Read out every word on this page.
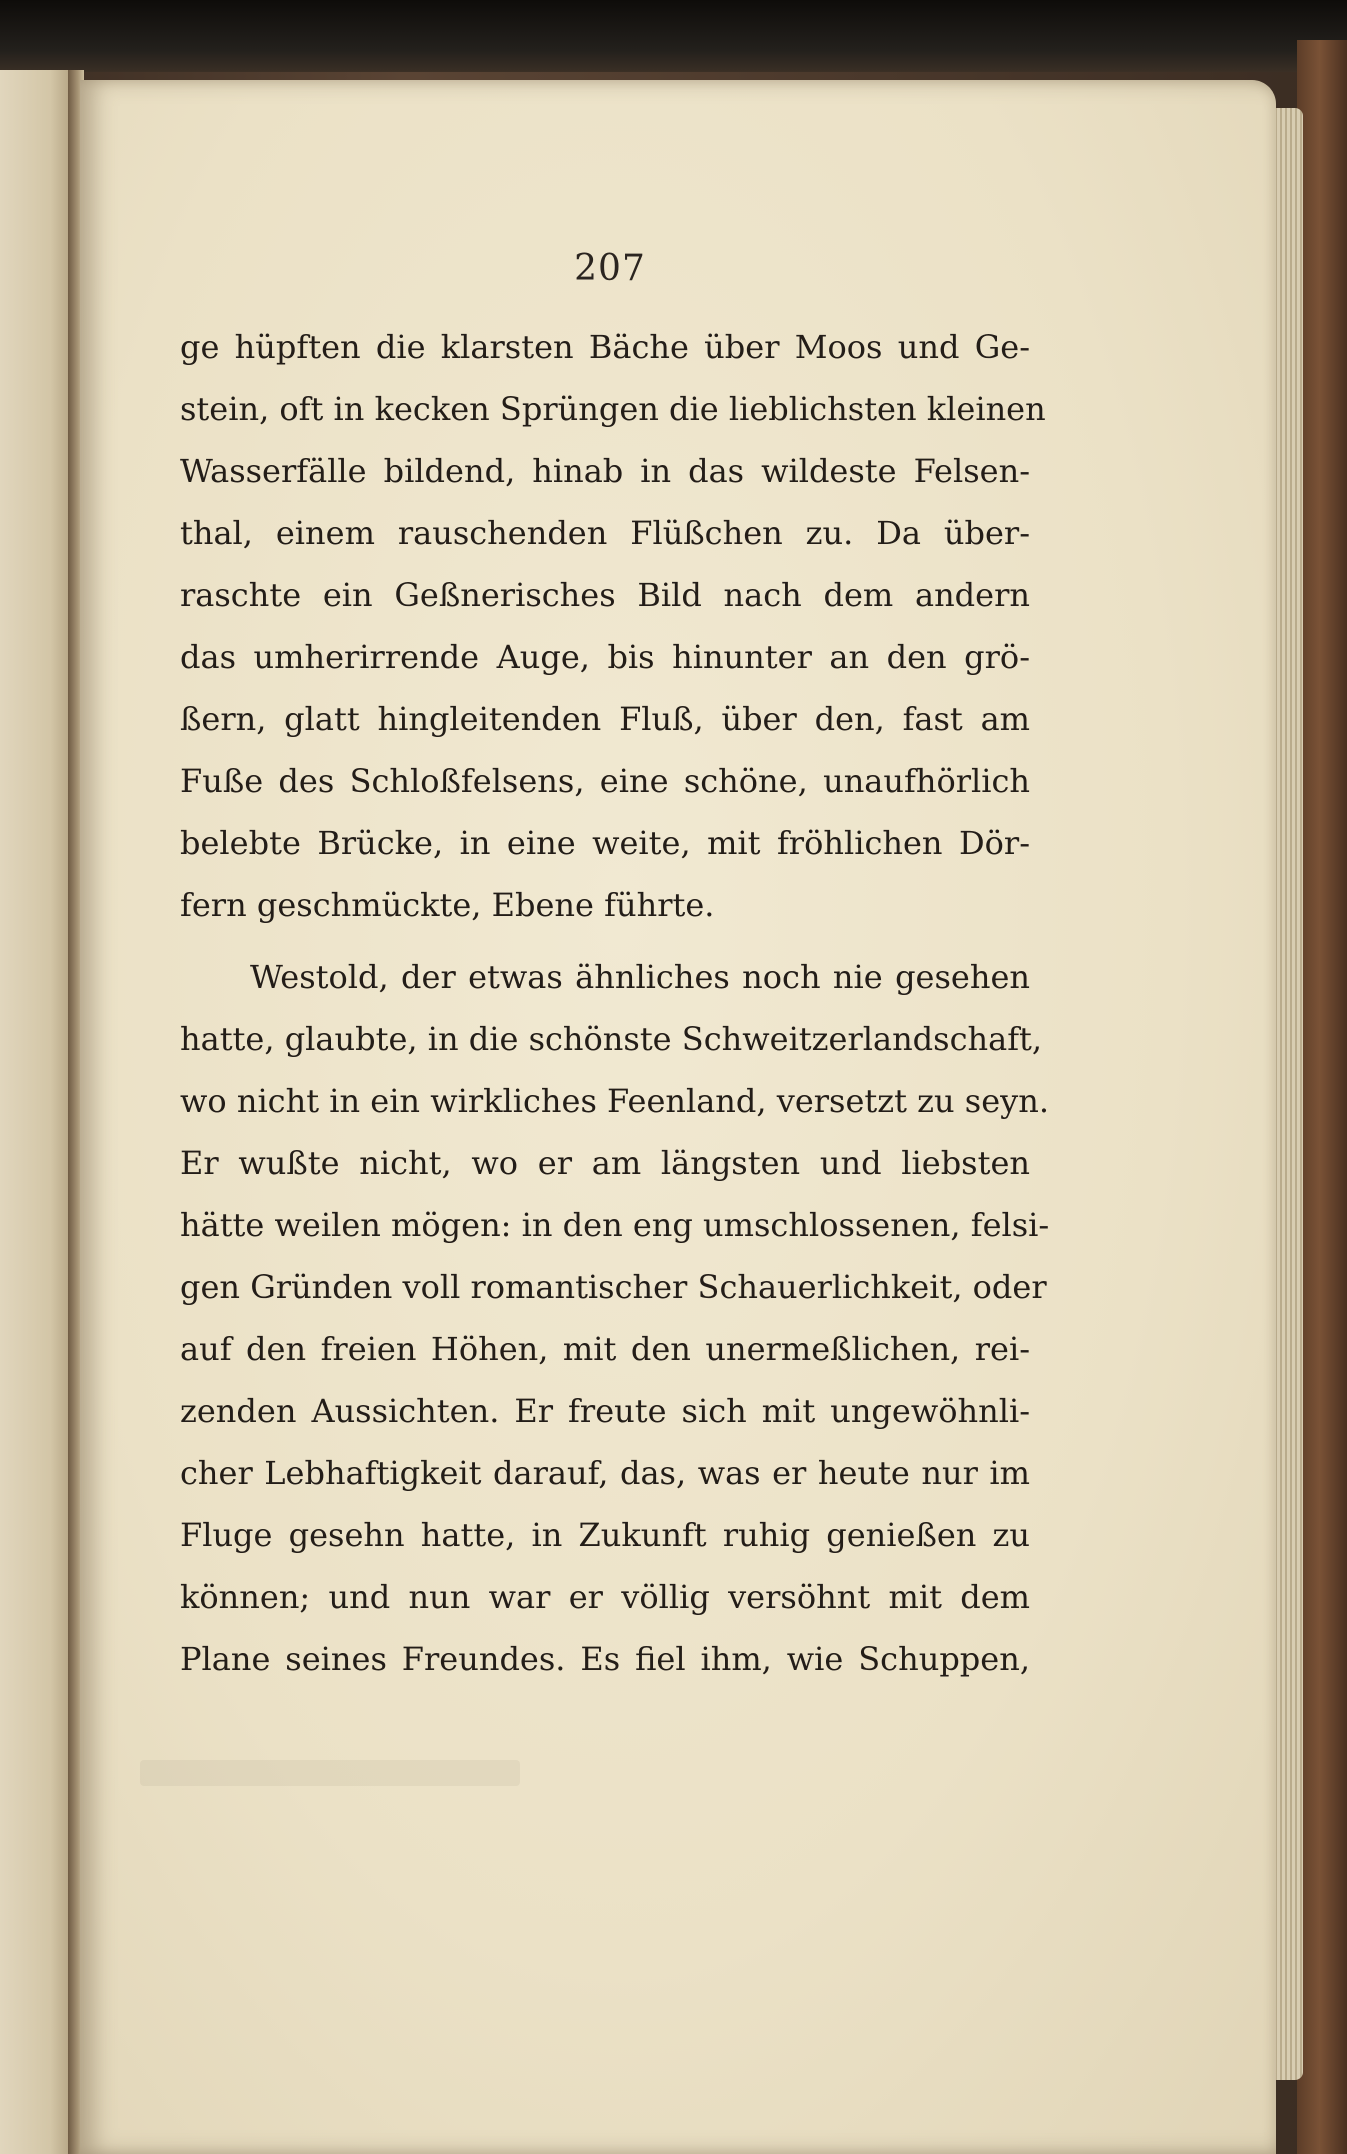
207
ge hüpften die klarsten Bäche über Moos und Ge-
stein, oft in kecken Sprüngen die lieblichsten kleinen
Wasserfälle bildend, hinab in das wildeste Felsen-
thal, einem rauschenden Flüßchen zu. Da über-
raschte ein Geßnerisches Bild nach dem andern
das umherirrende Auge, bis hinunter an den grö-
ßern, glatt hingleitenden Fluß, über den, fast am
Fuße des Schloßfelsens, eine schöne, unaufhörlich
belebte Brücke, in eine weite, mit fröhlichen Dör-
fern geschmückte, Ebene führte.
Westold, der etwas ähnliches noch nie gesehen
hatte, glaubte, in die schönste Schweitzerlandschaft,
wo nicht in ein wirkliches Feenland, versetzt zu seyn.
Er wußte nicht, wo er am längsten und liebsten
hätte weilen mögen: in den eng umschlossenen, felsi-
gen Gründen voll romantischer Schauerlichkeit, oder
auf den freien Höhen, mit den unermeßlichen, rei-
zenden Aussichten. Er freute sich mit ungewöhnli-
cher Lebhaftigkeit darauf, das, was er heute nur im
Fluge gesehn hatte, in Zukunft ruhig genießen zu
können; und nun war er völlig versöhnt mit dem
Plane seines Freundes. Es fiel ihm, wie Schuppen,
